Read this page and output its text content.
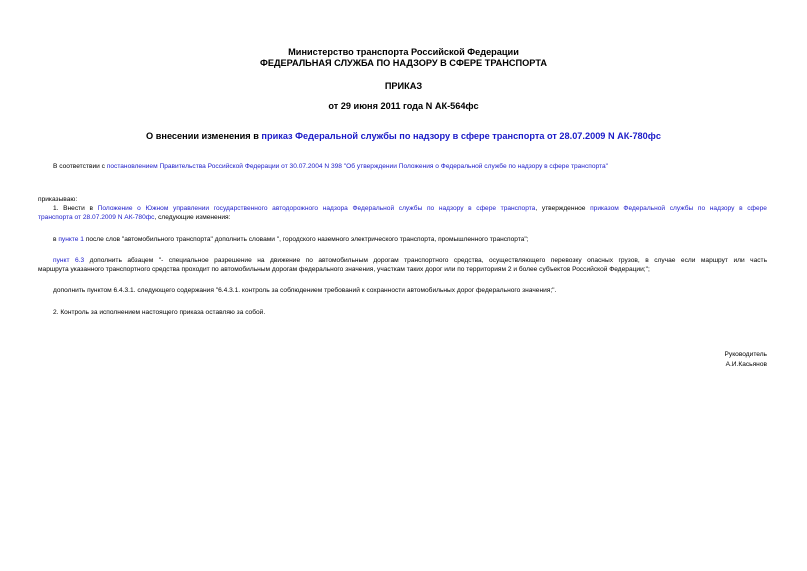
Министерство транспорта Российской Федерации
ФЕДЕРАЛЬНАЯ СЛУЖБА ПО НАДЗОРУ В СФЕРЕ ТРАНСПОРТА
ПРИКАЗ
от 29 июня 2011 года N АК-564фс
О внесении изменения в приказ Федеральной службы по надзору в сфере транспорта от 28.07.2009 N АК-780фс
В соответствии с постановлением Правительства Российской Федерации от 30.07.2004 N 398 "Об утверждении Положения о Федеральной службе по надзору в сфере транспорта"
приказываю:
1. Внести в Положение о Южном управлении государственного автодорожного надзора Федеральной службы по надзору в сфере транспорта, утвержденное приказом Федеральной службы по надзору в сфере
транспорта от 28.07.2009 N АК-780фс, следующие изменения:
в пункте 1 после слов "автомобильного транспорта" дополнить словами ", городского наземного электрического транспорта, промышленного транспорта";
пункт 6.3 дополнить абзацем "- специальное разрешение на движение по автомобильным дорогам транспортного средства, осуществляющего перевозку опасных грузов, в случае если маршрут или часть
маршрута указанного транспортного средства проходит по автомобильным дорогам федерального значения, участкам таких дорог или по территориям 2 и более субъектов Российской Федерации;";
дополнить пунктом 6.4.3.1. следующего содержания "6.4.3.1. контроль за соблюдением требований к сохранности автомобильных дорог федерального значения;".
2. Контроль за исполнением настоящего приказа оставляю за собой.
Руководитель
А.И.Касьянов
